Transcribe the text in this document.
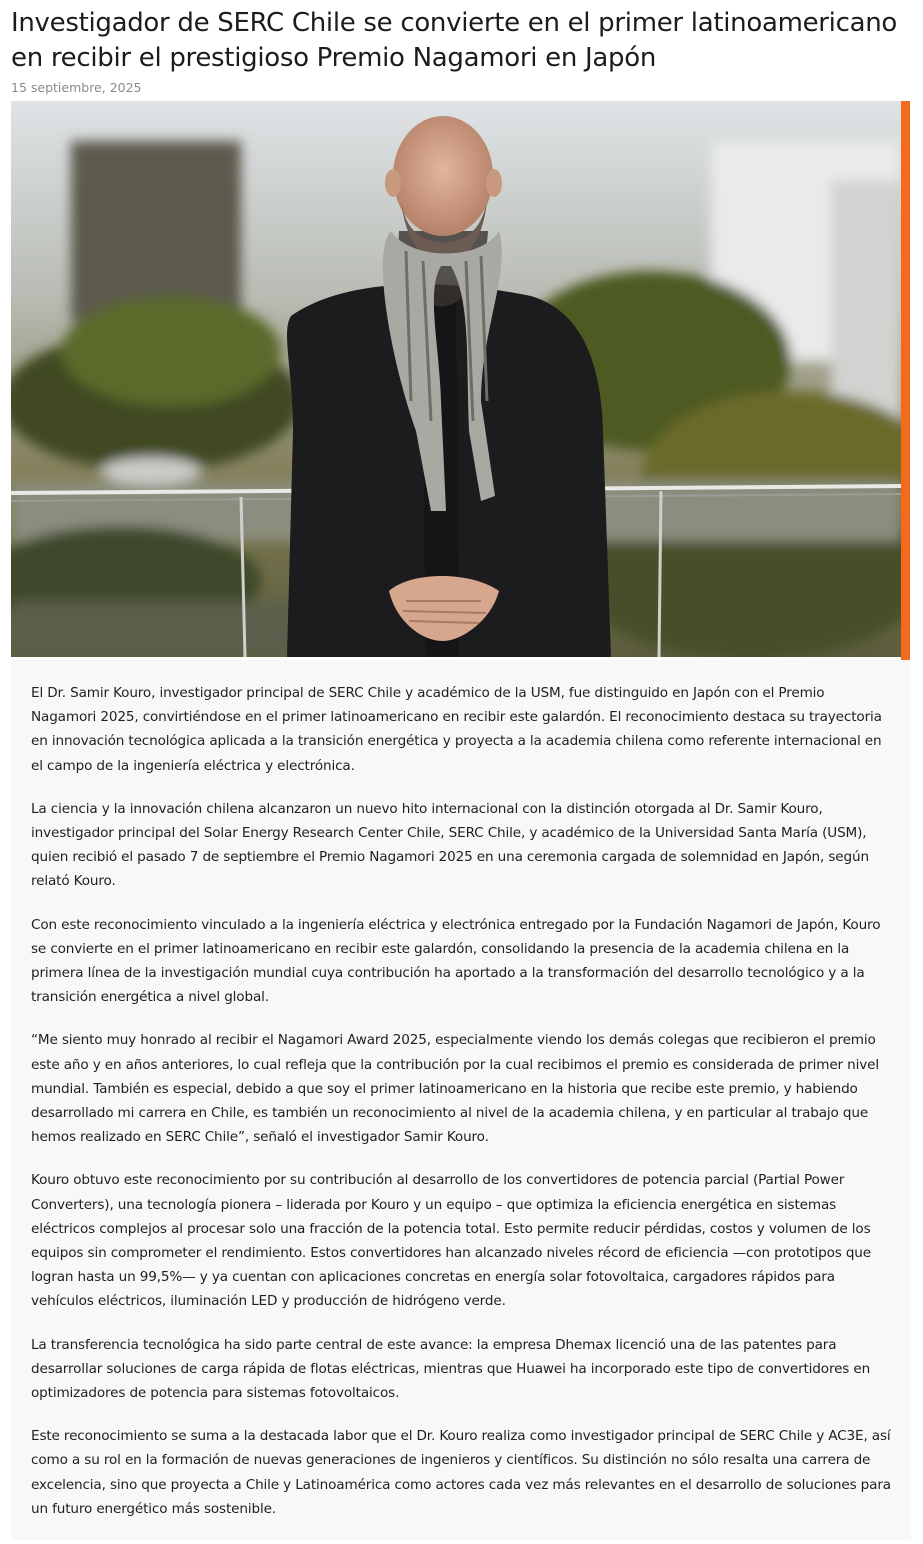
Investigador de SERC Chile se convierte en el primer latinoamericano en recibir el prestigioso Premio Nagamori en Japón
15 septiembre, 2025

El Dr. Samir Kouro, investigador principal de SERC Chile y académico de la USM, fue distinguido en Japón con el Premio Nagamori 2025, convirtiéndose en el primer latinoamericano en recibir este galardón. El reconocimiento destaca su trayectoria en innovación tecnológica aplicada a la transición energética y proyecta a la academia chilena como referente internacional en el campo de la ingeniería eléctrica y electrónica.

La ciencia y la innovación chilena alcanzaron un nuevo hito internacional con la distinción otorgada al Dr. Samir Kouro, investigador principal del Solar Energy Research Center Chile, SERC Chile, y académico de la Universidad Santa María (USM), quien recibió el pasado 7 de septiembre el Premio Nagamori 2025 en una ceremonia cargada de solemnidad en Japón, según relató Kouro.

Con este reconocimiento vinculado a la ingeniería eléctrica y electrónica entregado por la Fundación Nagamori de Japón, Kouro se convierte en el primer latinoamericano en recibir este galardón, consolidando la presencia de la academia chilena en la primera línea de la investigación mundial cuya contribución ha aportado a la transformación del desarrollo tecnológico y a la transición energética a nivel global.

“Me siento muy honrado al recibir el Nagamori Award 2025, especialmente viendo los demás colegas que recibieron el premio este año y en años anteriores, lo cual refleja que la contribución por la cual recibimos el premio es considerada de primer nivel mundial. También es especial, debido a que soy el primer latinoamericano en la historia que recibe este premio, y habiendo desarrollado mi carrera en Chile, es también un reconocimiento al nivel de la academia chilena, y en particular al trabajo que hemos realizado en SERC Chile”, señaló el investigador Samir Kouro.

Kouro obtuvo este reconocimiento por su contribución al desarrollo de los convertidores de potencia parcial (Partial Power Converters), una tecnología pionera – liderada por Kouro y un equipo – que optimiza la eficiencia energética en sistemas eléctricos complejos al procesar solo una fracción de la potencia total. Esto permite reducir pérdidas, costos y volumen de los equipos sin comprometer el rendimiento. Estos convertidores han alcanzado niveles récord de eficiencia —con prototipos que logran hasta un 99,5%— y ya cuentan con aplicaciones concretas en energía solar fotovoltaica, cargadores rápidos para vehículos eléctricos, iluminación LED y producción de hidrógeno verde.

La transferencia tecnológica ha sido parte central de este avance: la empresa Dhemax licenció una de las patentes para desarrollar soluciones de carga rápida de flotas eléctricas, mientras que Huawei ha incorporado este tipo de convertidores en optimizadores de potencia para sistemas fotovoltaicos.

Este reconocimiento se suma a la destacada labor que el Dr. Kouro realiza como investigador principal de SERC Chile y AC3E, así como a su rol en la formación de nuevas generaciones de ingenieros y científicos. Su distinción no sólo resalta una carrera de excelencia, sino que proyecta a Chile y Latinoamérica como actores cada vez más relevantes en el desarrollo de soluciones para un futuro energético más sostenible.
